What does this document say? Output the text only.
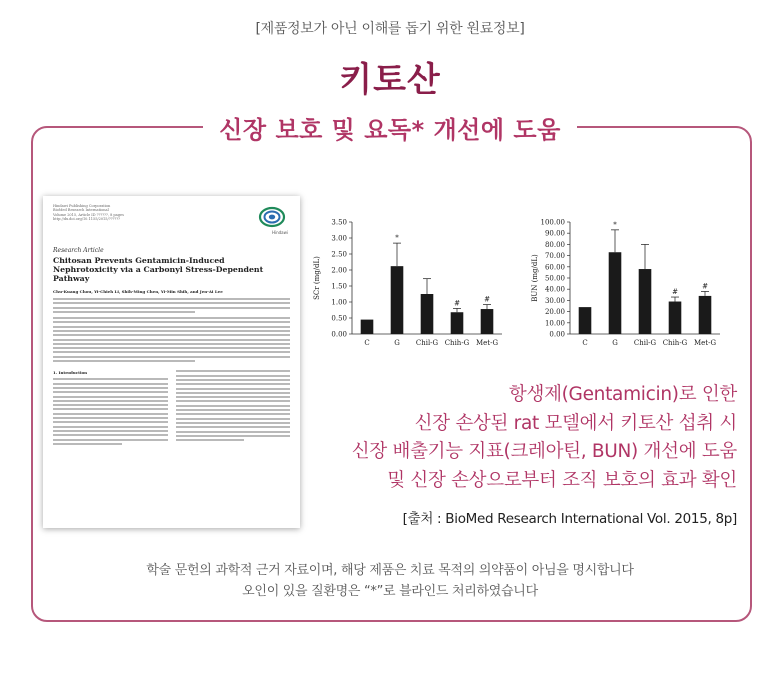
[제품정보가 아닌 이해를 돕기 위한 원료정보]
키토산
신장 보호 및 요독* 개선에 도움
Hindawi Publishing Corporation
BioMed Research International
Volume 2015, Article ID ??????, 8 pages
http://dx.doi.org/10.1155/2015/??????
Hindawi
Research Article
Chitosan Prevents Gentamicin-Induced Nephrotoxicity via a Carbonyl Stress-Dependent Pathway
Chu-Kuang Chou, Yi-Chieh Li, Shih-Ming Chen, Yi-Min Shih, and Jen-Ai Lee
1. Introduction
0.00
0.50
1.00
1.50
2.00
2.50
3.00
3.50
SCr (mg/dL)
C
*
G Chil-G
#
Chih-G
#
Met-G
0.00
10.00
20.00
30.00
40.00
50.00
60.00
70.00
80.00
90.00
100.00
BUN (mg/dL)
C
*
G Chil-G
#
Chih-G
#
Met-G
항생제(Gentamicin)로 인한
신장 손상된 rat 모델에서 키토산 섭취 시
신장 배출기능 지표(크레아틴, BUN) 개선에 도움
및 신장 손상으로부터 조직 보호의 효과 확인
[출처 : BioMed Research International Vol. 2015, 8p]
학술 문헌의 과학적 근거 자료이며, 해당 제품은 치료 목적의 의약품이 아님을 명시합니다
오인이 있을 질환명은 “*”로 블라인드 처리하였습니다
